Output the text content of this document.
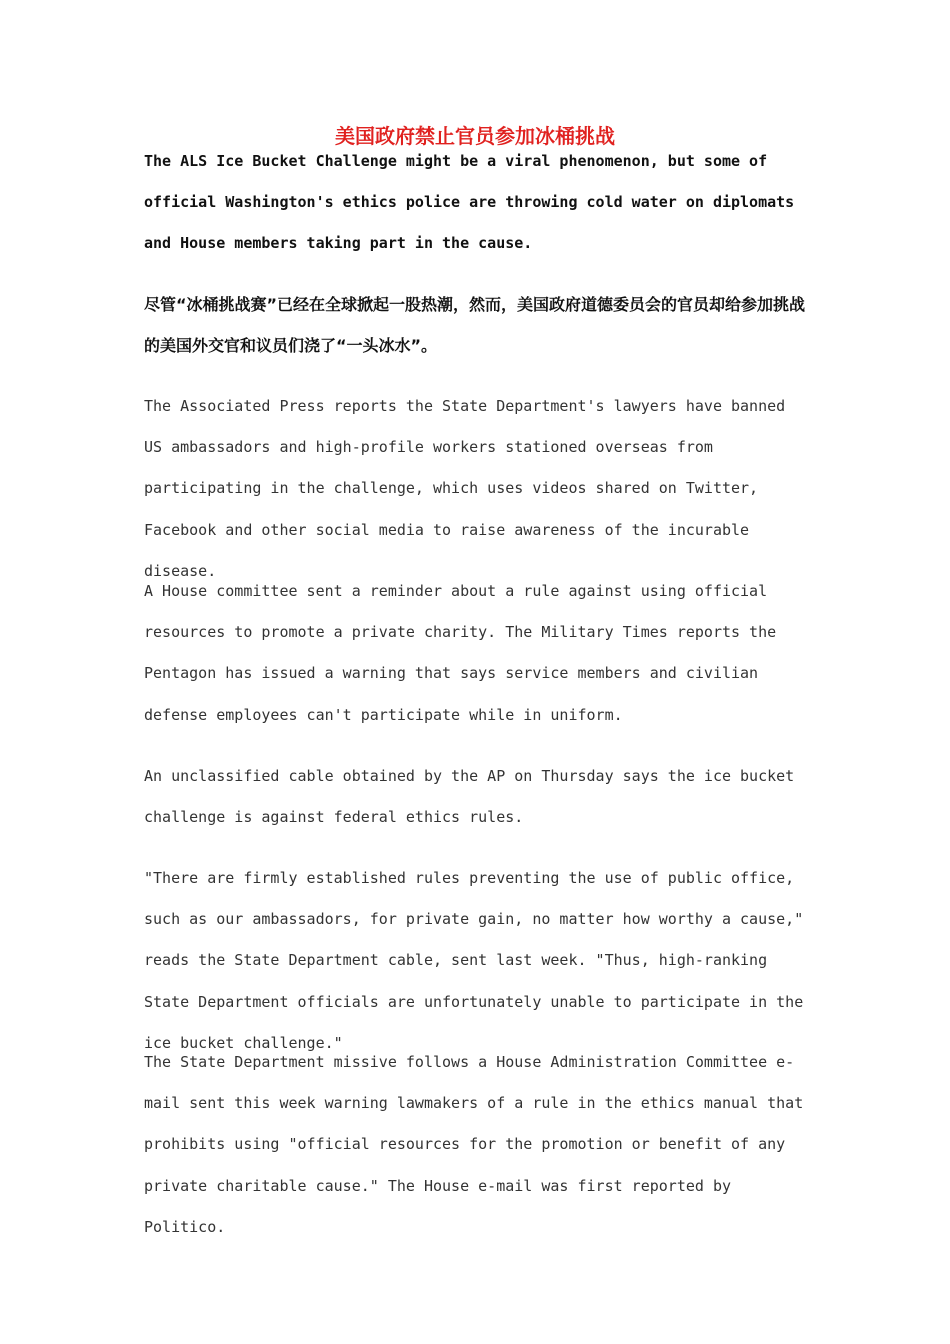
美国政府禁止官员参加冰桶挑战

The ALS Ice Bucket Challenge might be a viral phenomenon, but some of official Washington's ethics police are throwing cold water on diplomats and House members taking part in the cause.

尽管“冰桶挑战赛”已经在全球掀起一股热潮，然而，美国政府道德委员会的官员却给参加挑战的美国外交官和议员们浇了“一头冰水”。

The Associated Press reports the State Department's lawyers have banned US ambassadors and high-profile workers stationed overseas from participating in the challenge, which uses videos shared on Twitter, Facebook and other social media to raise awareness of the incurable disease.

A House committee sent a reminder about a rule against using official resources to promote a private charity. The Military Times reports the Pentagon has issued a warning that says service members and civilian defense employees can't participate while in uniform.

An unclassified cable obtained by the AP on Thursday says the ice bucket challenge is against federal ethics rules.

"There are firmly established rules preventing the use of public office, such as our ambassadors, for private gain, no matter how worthy a cause," reads the State Department cable, sent last week. "Thus, high-ranking State Department officials are unfortunately unable to participate in the ice bucket challenge."

The State Department missive follows a House Administration Committee e-mail sent this week warning lawmakers of a rule in the ethics manual that prohibits using "official resources for the promotion or benefit of any private charitable cause." The House e-mail was first reported by Politico.
